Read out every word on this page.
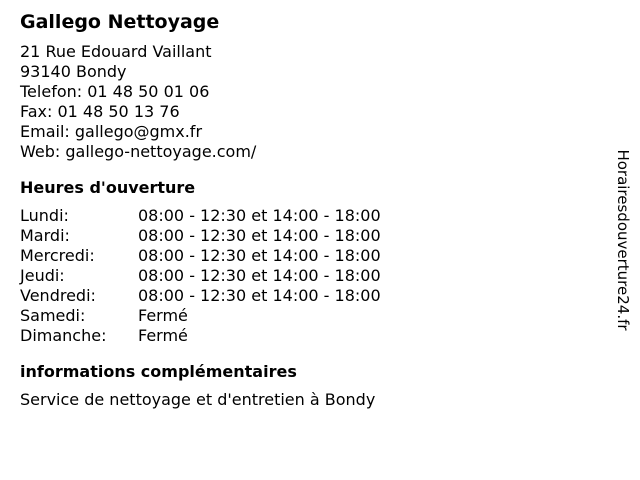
Gallego Nettoyage
21 Rue Edouard Vaillant
93140 Bondy
Telefon: 01 48 50 01 06
Fax: 01 48 50 13 76
Email: gallego@gmx.fr
Web: gallego-nettoyage.com/
Heures d'ouverture
Lundi:	08:00 - 12:30 et 14:00 - 18:00
Mardi:	08:00 - 12:30 et 14:00 - 18:00
Mercredi:	08:00 - 12:30 et 14:00 - 18:00
Jeudi:	08:00 - 12:30 et 14:00 - 18:00
Vendredi:	08:00 - 12:30 et 14:00 - 18:00
Samedi:	Fermé
Dimanche:	Fermé
informations complémentaires
Service de nettoyage et d'entretien à Bondy
Horairesdouverture24.fr
